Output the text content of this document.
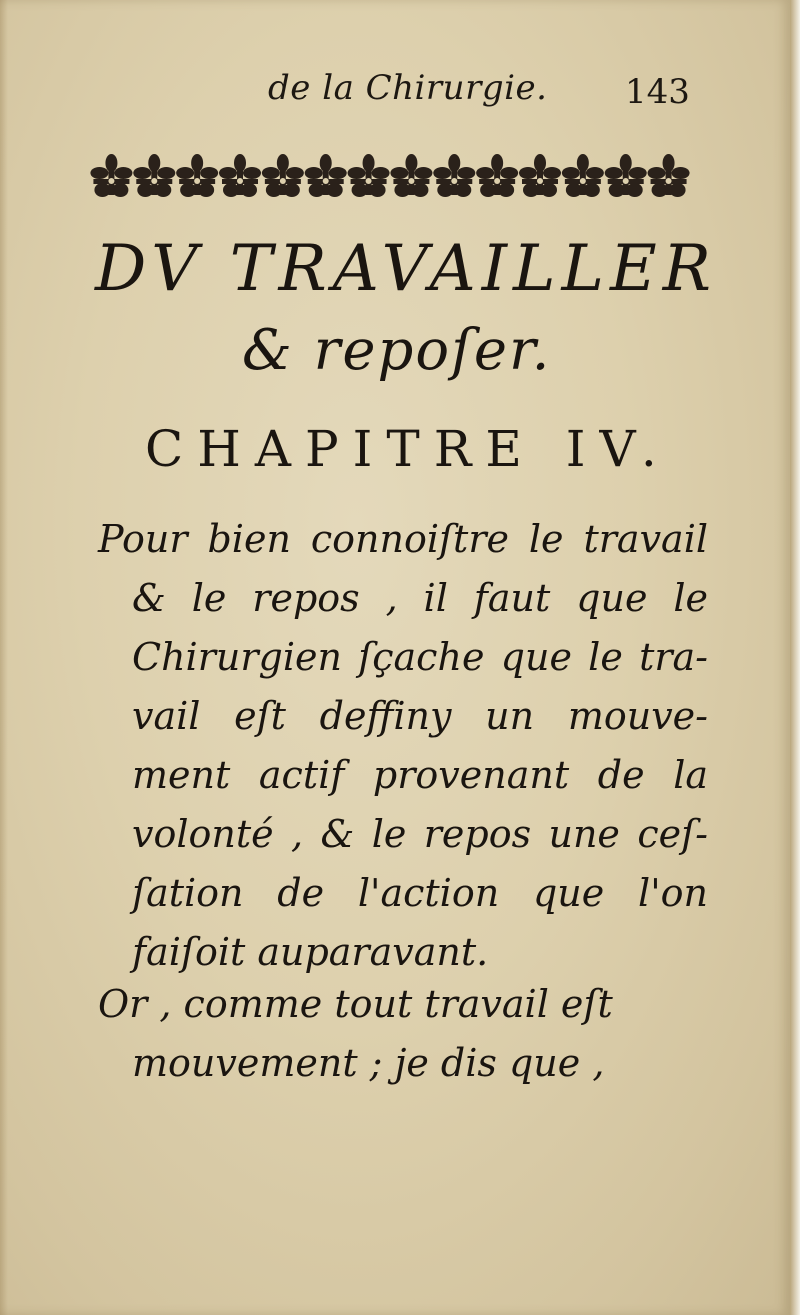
de la Chirurgie. 143
DV TRAVAILLER
& repoſer.
CHAPITRE IV.
Pour bien connoiſtre le travail
& le repos , il faut que le
Chirurgien ſçache que le tra-
vail eſt deffiny un mouve-
ment actif provenant de la
volonté , & le repos une ceſ-
ſation de l'action que l'on
faiſoit auparavant.
Or , comme tout travail eſt
mouvement ; je dis que ,
